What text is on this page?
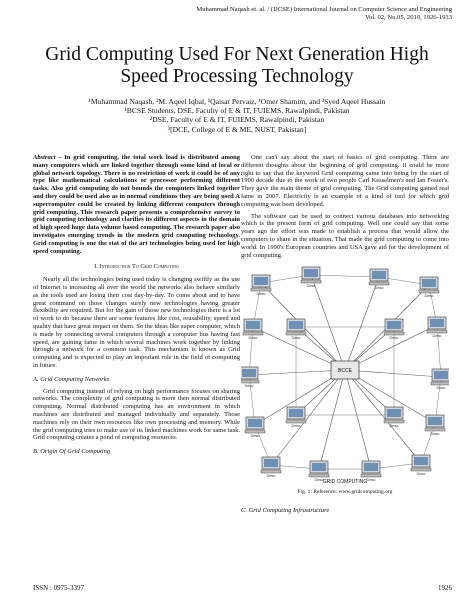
Muhammad Naqash et. al. / (IJCSE) International Journal on Computer Science and Engineering
Vol. 02, No.05, 2010, 1926-1933
Grid Computing Used For Next Generation High
Speed Processing Technology
¹Muhammad Naqash, ²M. Aqeel Iqbal, ¹Qaisar Pervaiz, ¹Omer Shamim, and ³Syed Aqeel Hussain
¹BCSE Students, DSE, Faculty of E & IT, FUIEMS, Rawalpindi, Pakistan
²DSE, Faculty of E & IT, FUIEMS, Rawalpindi, Pakistan
³[DCE, College of E & ME, NUST, Pakistan]
Abstract – In grid computing, the total work load is distributed among many computers which are linked together through some kind of local or global network topology. There is no restriction of work it could be of any type like mathematical calculations or processor performing different tasks. Also grid computing do not bounds the computers linked together and they could be used also as in normal conditions they are being used A supercomputer could be created by linking different computers through grid computing. This research paper presents a comprehensive survey to grid computing technology and clarifies its different aspects in the domain of high speed huge data volume based computing. The research paper also investigates emerging trends in the modern grid computing technology. Grid computing is one the stat of the art technologies being used for high speed computing.
I. Introduction To Grid Computing

Nearly all the technologies being used today is changing swiftly as the use of Internet is increasing all over the world the networks also behave similarly as the tools used are losing their cost day-by-day. To come about and to have great command on those changes surely new technologies having greater flexibility are required. But for the gain of those new technologies there is a lot of work to do because there are some features like cost, reusability, speed and quality that have great impact on them. So the ideas like super computer, which is made by connecting several computers through a computer bus having fast speed, are gaining fame in which several machines work together by linking through a network for a common task. This mechanism is known as Grid computing and is expected to play an important role in the field of computing in future.

A. Grid Computing Networks

Grid computing instead of relying on high performance focuses on sharing networks. The complexity of grid computing is more then normal distributed computing. Normal distributed computing has an environment in which machines are distributed and managed individually and separately. Those machines rely on their own resources like own processing and memory. While the grid computing tries to make use of its linked machines work for same task. Grid computing creates a pond of computing resources.

B. Origin Of Grid Computing

One can't say about the start of basics of grid computing. There are different thoughts about the beginning of grid computing. It could be more right to say that the keyword Grid computing came into being by the start of 1990 decade due to the work of two people Carl Kesselmen's and Ian Foster's. They gave the main theme of grid computing. The Grid computing gained real fame in 2007. Electricity is an example of a kind of tool for which grid computing was been developed.

The software can be used to connect various databases into networking which is the present form of grid computing. Well one could say that some years ago the effort was made to establish a process that would allow the computers to share in the situation. That made the grid computing to come into world. In 1990's European countries and USA gave aid for the development of grid computing.

BCCE
Desc
Desc	Desc
Desc
Desc	Desc
Desc	Desc
Desc	Desc
Desc
Desc	Desc
Desc
Desc	Desc
Desc	Desc
GRID COMPUTING
Fig. 1: Reference: www.gridcomputing.org
C. Grid Computing Infrastructure
ISSN : 0975-3397	1926
